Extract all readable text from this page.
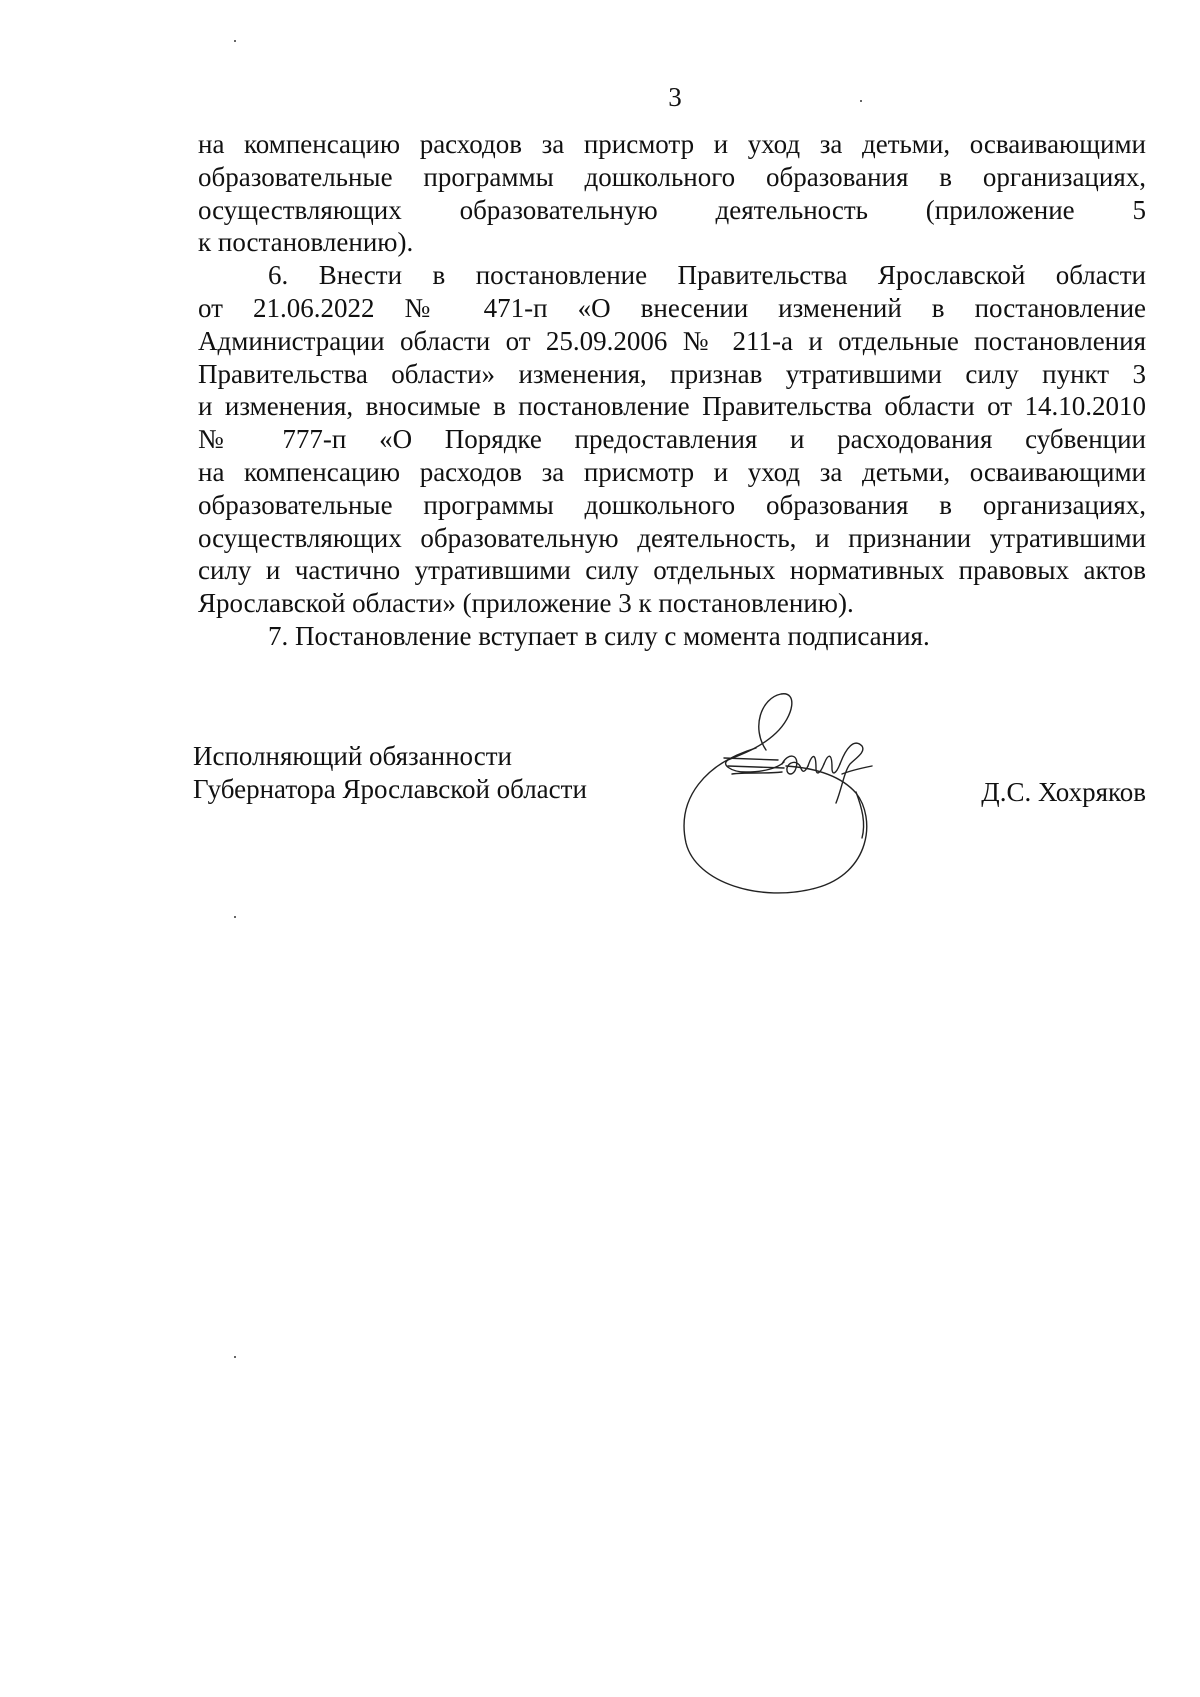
3
на компенсацию расходов за присмотр и уход за детьми, осваивающими
образовательные программы дошкольного образования в организациях,
осуществляющих образовательную деятельность (приложение 5
к постановлению).
6. Внести в постановление Правительства Ярославской области
от 21.06.2022 № 471-п «О внесении изменений в постановление
Администрации области от 25.09.2006 № 211-а и отдельные постановления
Правительства области» изменения, признав утратившими силу пункт 3
и изменения, вносимые в постановление Правительства области от 14.10.2010
№ 777-п «О Порядке предоставления и расходования субвенции
на компенсацию расходов за присмотр и уход за детьми, осваивающими
образовательные программы дошкольного образования в организациях,
осуществляющих образовательную деятельность, и признании утратившими
силу и частично утратившими силу отдельных нормативных правовых актов
Ярославской области» (приложение 3 к постановлению).
7. Постановление вступает в силу с момента подписания.
Исполняющий обязанности
Губернатора Ярославской области	Д.С. Хохряков
